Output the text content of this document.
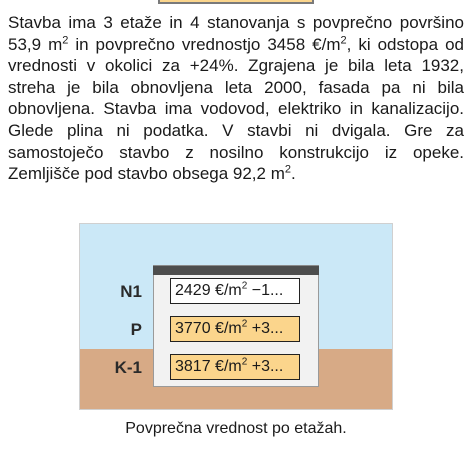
Stavba ima 3 etaže in 4 stanovanja s povprečno površino 53,9 $m^2$ in povprečno vrednostjo 3458 $€/m^2$, ki odstopa od vrednosti v okolici za +24%. Zgrajena je bila leta 1932, streha je bila obnovljena leta 2000, fasada pa ni bila obnovljena. Stavba ima vodovod, elektriko in kanalizacijo. Glede plina ni podatka. V stavbi ni dvigala. Gre za samostoječo stavbo z nosilno konstrukcijo iz opeke. Zemljišče pod stavbo obsega 92,2 $m^2$.

N1	2429 $€/m^2 -1$...
P	3770 $€/m^2 +3$...
K-1	3817 $€/m^2 +3$...
Povprečna vrednost po etažah.
